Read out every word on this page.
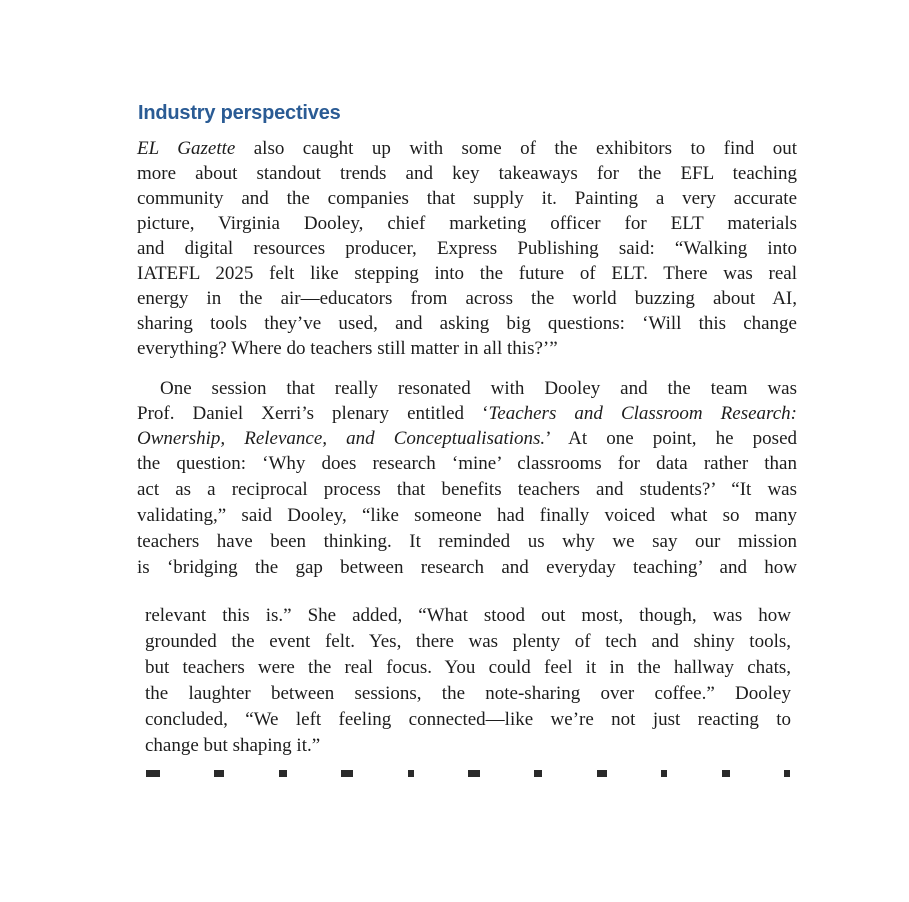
Industry perspectives
EL Gazette also caught up with some of the exhibitors to find out
more about standout trends and key takeaways for the EFL teaching
community and the companies that supply it. Painting a very accurate
picture, Virginia Dooley, chief marketing officer for ELT materials
and digital resources producer, Express Publishing said: “Walking into
IATEFL 2025 felt like stepping into the future of ELT. There was real
energy in the air—educators from across the world buzzing about AI,
sharing tools they’ve used, and asking big questions: ‘Will this change
everything? Where do teachers still matter in all this?’”
One session that really resonated with Dooley and the team was
Prof. Daniel Xerri’s plenary entitled ‘Teachers and Classroom Research:
Ownership, Relevance, and Conceptualisations.’ At one point, he posed
the question: ‘Why does research ‘mine’ classrooms for data rather than
act as a reciprocal process that benefits teachers and students?’ “It was
validating,” said Dooley, “like someone had finally voiced what so many
teachers have been thinking. It reminded us why we say our mission
is ‘bridging the gap between research and everyday teaching’ and how
relevant this is.” She added, “What stood out most, though, was how
grounded the event felt. Yes, there was plenty of tech and shiny tools,
but teachers were the real focus. You could feel it in the hallway chats,
the laughter between sessions, the note-sharing over coffee.” Dooley
concluded, “We left feeling connected—like we’re not just reacting to
change but shaping it.”
